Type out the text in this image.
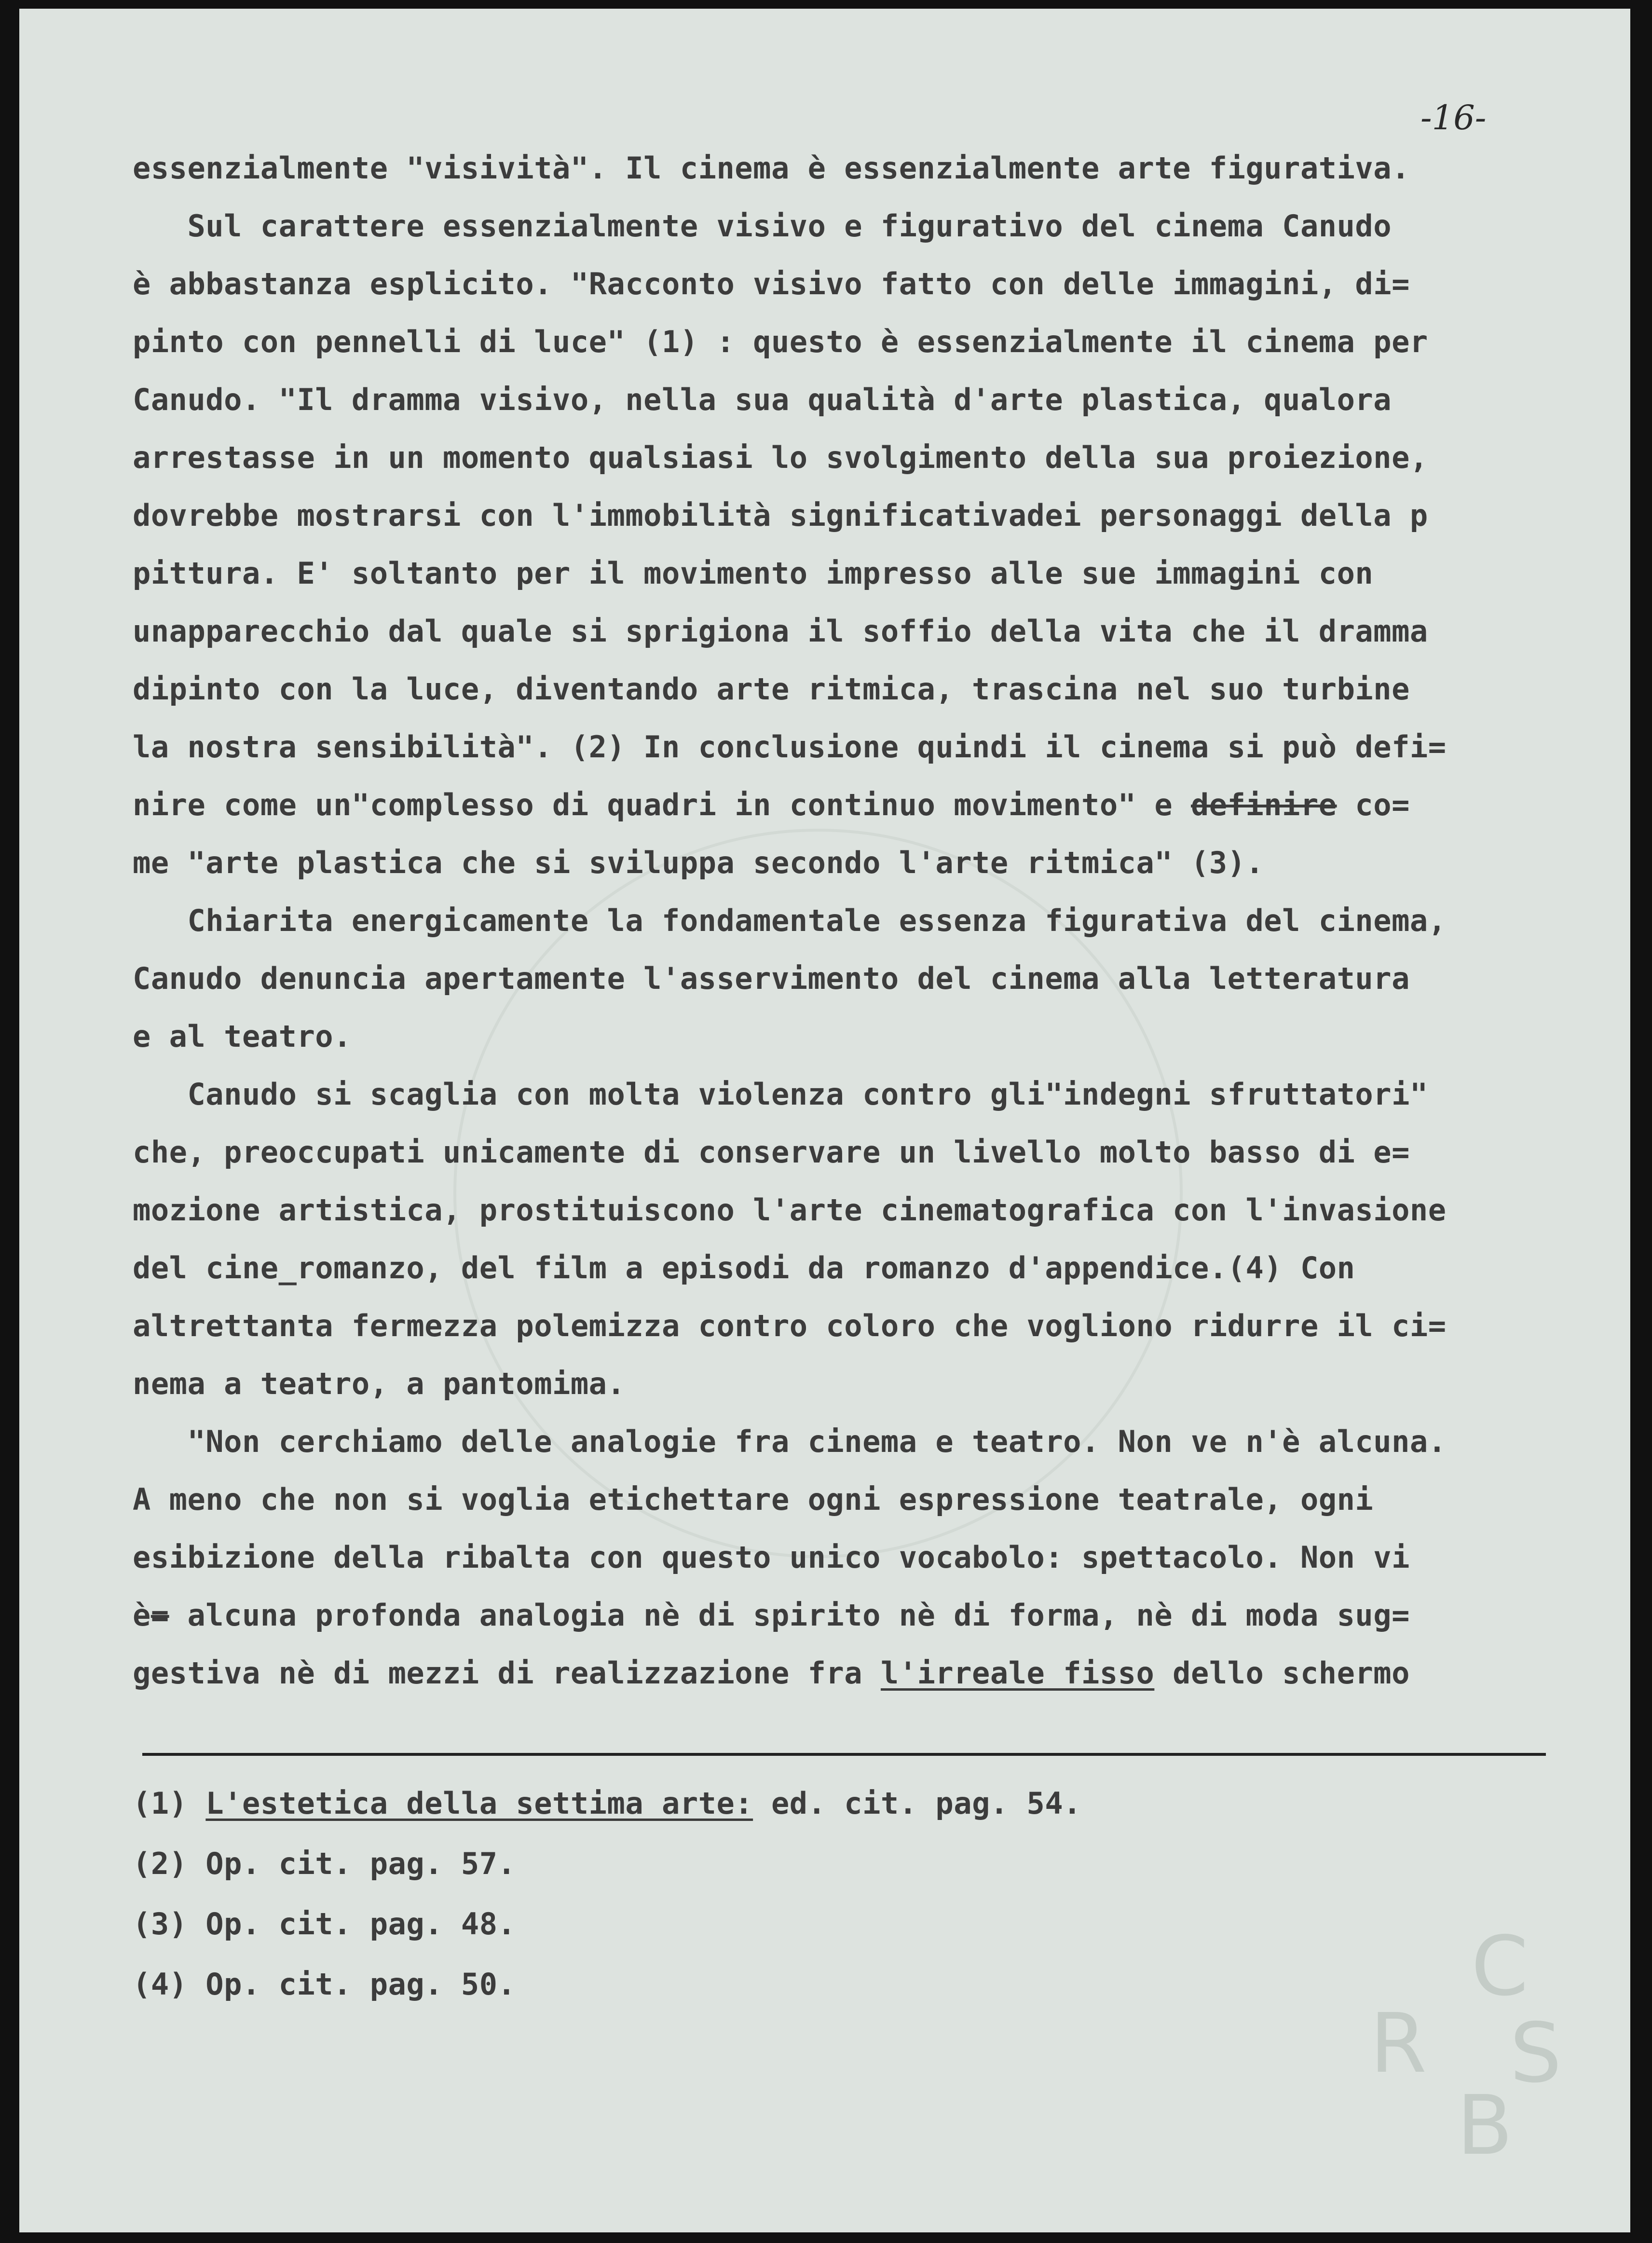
C
R S
B
-16-

essenzialmente "visività". Il cinema è essenzialmente arte figurativa.

Sul carattere essenzialmente visivo e figurativo del cinema Canudo

è abbastanza esplicito. "Racconto visivo fatto con delle immagini, di=

pinto con pennelli di luce" (1) : questo è essenzialmente il cinema per

Canudo. "Il dramma visivo, nella sua qualità d'arte plastica, qualora

arrestasse in un momento qualsiasi lo svolgimento della sua proiezione,

dovrebbe mostrarsi con l'immobilità significativadei personaggi della p

pittura. E' soltanto per il movimento impresso alle sue immagini con

unapparecchio dal quale si sprigiona il soffio della vita che il dramma

dipinto con la luce, diventando arte ritmica, trascina nel suo turbine

la nostra sensibilità". (2) In conclusione quindi il cinema si può defi=

nire come un"complesso di quadri in continuo movimento" e definire co=

me "arte plastica che si sviluppa secondo l'arte ritmica" (3).

Chiarita energicamente la fondamentale essenza figurativa del cinema,

Canudo denuncia apertamente l'asservimento del cinema alla letteratura

e al teatro.

Canudo si scaglia con molta violenza contro gli"indegni sfruttatori"

che, preoccupati unicamente di conservare un livello molto basso di e=

mozione artistica, prostituiscono l'arte cinematografica con l'invasione

del cine_romanzo, del film a episodi da romanzo d'appendice.(4) Con

altrettanta fermezza polemizza contro coloro che vogliono ridurre il ci=

nema a teatro, a pantomima.

"Non cerchiamo delle analogie fra cinema e teatro. Non ve n'è alcuna.

A meno che non si voglia etichettare ogni espressione teatrale, ogni

esibizione della ribalta con questo unico vocabolo: spettacolo. Non vi

è= alcuna profonda analogia nè di spirito nè di forma, nè di moda sug=

gestiva nè di mezzi di realizzazione fra l'irreale fisso dello schermo

(1) L'estetica della settima arte: ed. cit. pag. 54.

(2) Op. cit. pag. 57.

(3) Op. cit. pag. 48.

(4) Op. cit. pag. 50.
